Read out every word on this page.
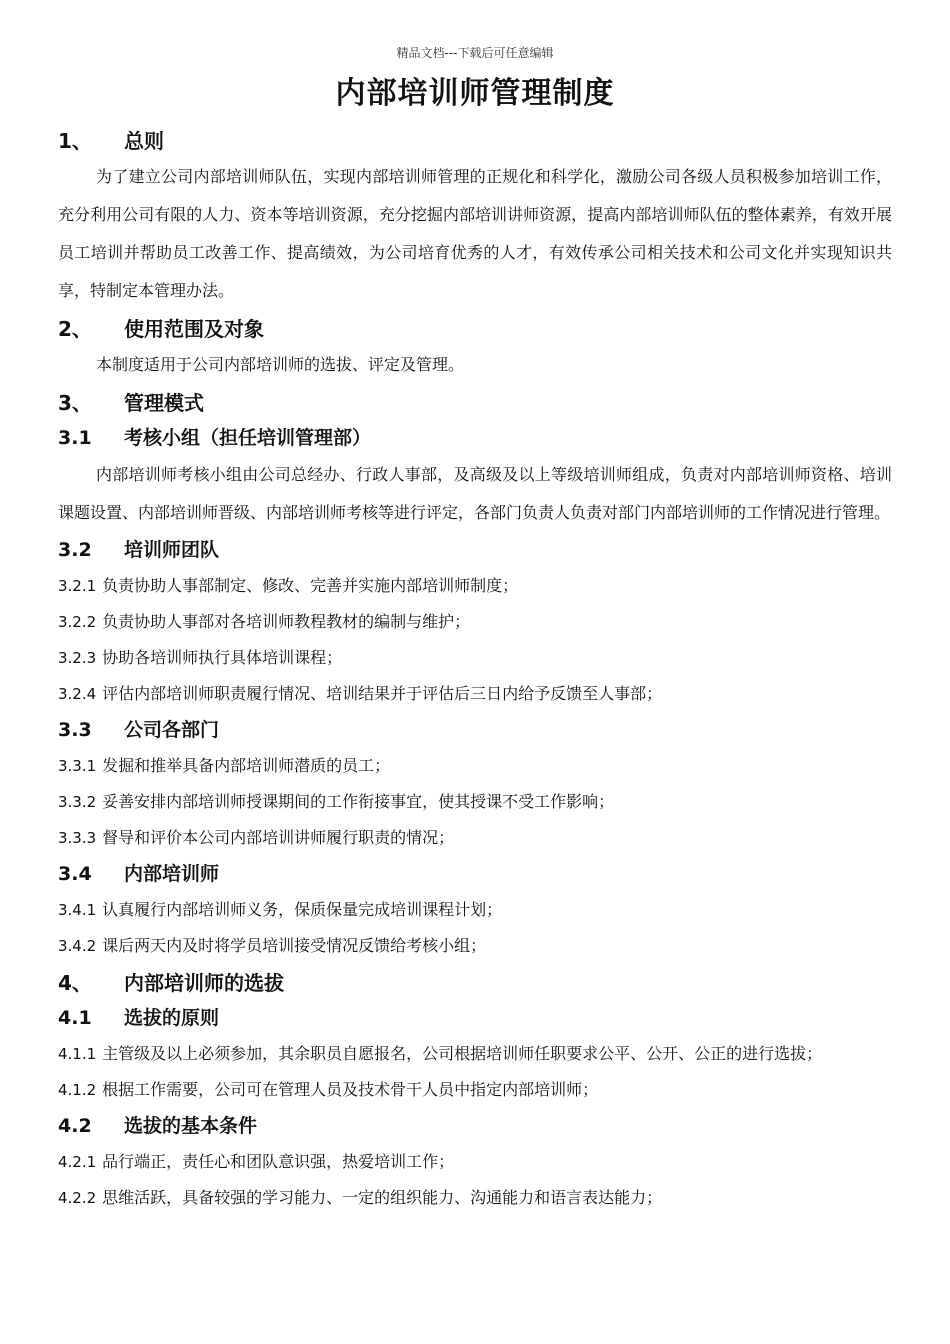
精品文档---下载后可任意编辑
内部培训师管理制度
1、	总则

为了建立公司内部培训师队伍，实现内部培训师管理的正规化和科学化，激励公司各级人员积极参加培训工作，充分利用公司有限的人力、资本等培训资源，充分挖掘内部培训讲师资源，提高内部培训师队伍的整体素养，有效开展员工培训并帮助员工改善工作、提高绩效，为公司培育优秀的人才，有效传承公司相关技术和公司文化并实现知识共享，特制定本管理办法。

2、	使用范围及对象

本制度适用于公司内部培训师的选拔、评定及管理。

3、	管理模式
3.1	考核小组（担任培训管理部）

内部培训师考核小组由公司总经办、行政人事部，及高级及以上等级培训师组成，负责对内部培训师资格、培训课题设置、内部培训师晋级、内部培训师考核等进行评定，各部门负责人负责对部门内部培训师的工作情况进行管理。

3.2	培训师团队
3.2.1 负责协助人事部制定、修改、完善并实施内部培训师制度；
3.2.2 负责协助人事部对各培训师教程教材的编制与维护；
3.2.3 协助各培训师执行具体培训课程；
3.2.4 评估内部培训师职责履行情况、培训结果并于评估后三日内给予反馈至人事部；
3.3	公司各部门
3.3.1 发掘和推举具备内部培训师潜质的员工；
3.3.2 妥善安排内部培训师授课期间的工作衔接事宜，使其授课不受工作影响；
3.3.3 督导和评价本公司内部培训讲师履行职责的情况；
3.4	内部培训师
3.4.1 认真履行内部培训师义务，保质保量完成培训课程计划；
3.4.2 课后两天内及时将学员培训接受情况反馈给考核小组；
4、	内部培训师的选拔
4.1	选拔的原则
4.1.1 主管级及以上必须参加，其余职员自愿报名，公司根据培训师任职要求公平、公开、公正的进行选拔；
4.1.2 根据工作需要，公司可在管理人员及技术骨干人员中指定内部培训师；
4.2	选拔的基本条件
4.2.1 品行端正，责任心和团队意识强，热爱培训工作；
4.2.2 思维活跃，具备较强的学习能力、一定的组织能力、沟通能力和语言表达能力；
